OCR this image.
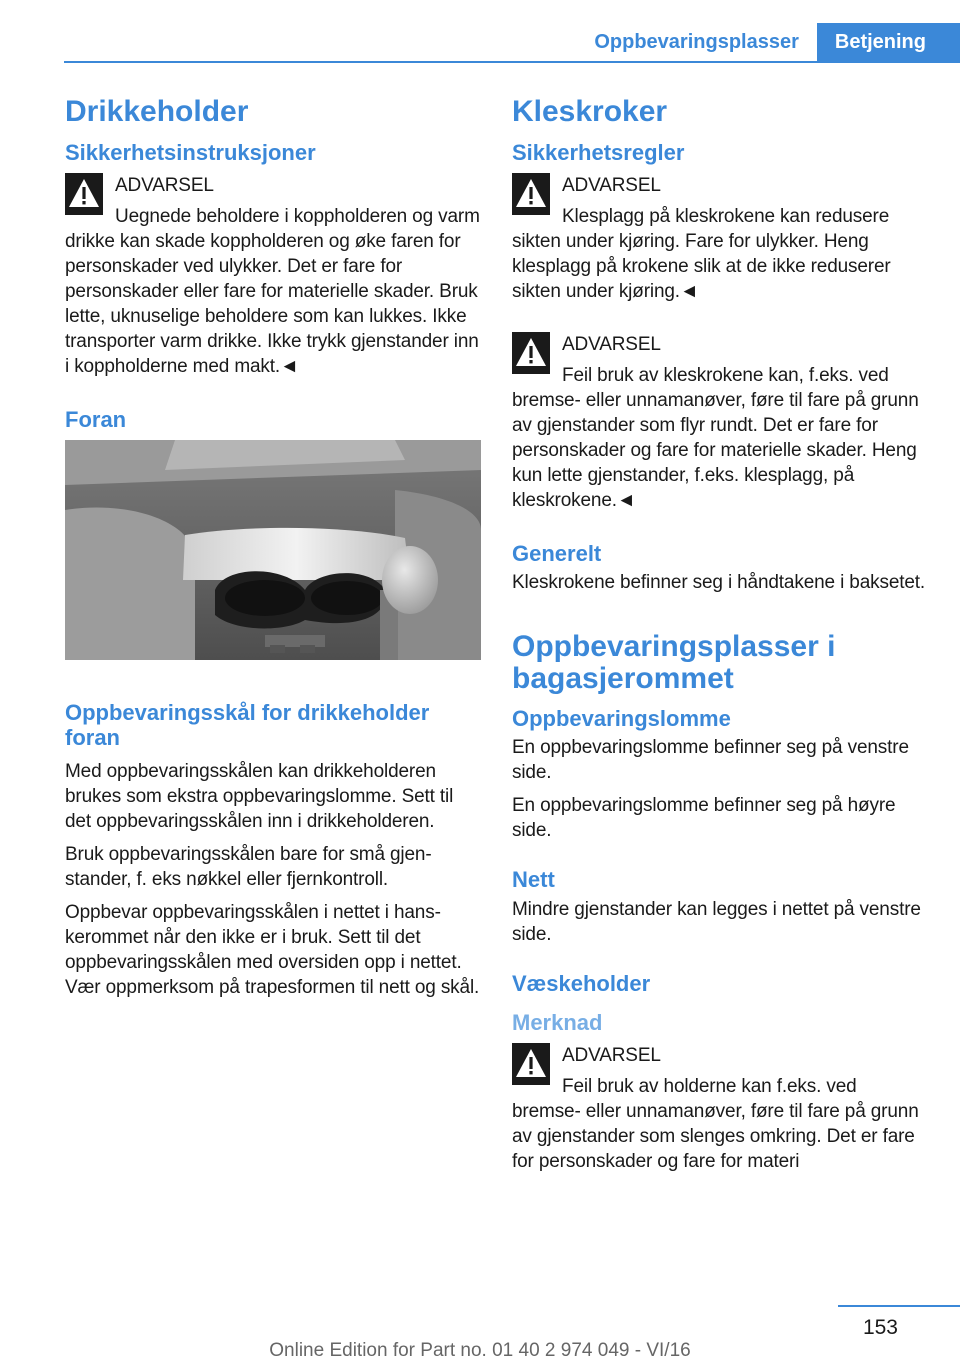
Oppbevaringsplasser	Betjening
Drikkeholder
Sikkerhetsinstruksjoner

ADVARSEL

Uegnede beholdere i koppholderen og varm drikke kan skade koppholderen og øke faren for personskader ved ulykker. Det er fare for personskader eller fare for materielle skader. Bruk lette, uknuselige beholdere som kan lukkes. Ikke transporter varm drikke. Ikke trykk gjenstander inn i koppholderne med makt.◄

Foran
Oppbevaringsskål for drikkeholder foran

Med oppbevaringsskålen kan drikkeholderen brukes som ekstra oppbevaringslomme. Sett til det oppbevaringsskålen inn i drikkeholderen.

Bruk oppbevaringsskålen bare for små gjenstander, f. eks nøkkel eller fjernkontroll.

Oppbevar oppbevaringsskålen i nettet i hanskerommet når den ikke er i bruk. Sett til det oppbevaringsskålen med oversiden opp i nettet. Vær oppmerksom på trapesformen til nett og skål.

Kleskroker
Sikkerhetsregler

ADVARSEL

Klesplagg på kleskrokene kan redusere sikten under kjøring. Fare for ulykker. Heng klesplagg på krokene slik at de ikke reduserer sikten under kjøring.◄

ADVARSEL

Feil bruk av kleskrokene kan, f.eks. ved bremse- eller unnamanøver, føre til fare på grunn av gjenstander som flyr rundt. Det er fare for personskader og fare for materielle skader. Heng kun lette gjenstander, f.eks. klesplagg, på kleskrokene.◄

Generelt

Kleskrokene befinner seg i håndtakene i baksetet.

Oppbevaringsplasser i bagasjerommet
Oppbevaringslomme

En oppbevaringslomme befinner seg på venstre side.

En oppbevaringslomme befinner seg på høyre side.

Nett

Mindre gjenstander kan legges i nettet på venstre side.

Væskeholder
Merknad

ADVARSEL

Feil bruk av holderne kan f.eks. ved bremse- eller unnamanøver, føre til fare på grunn av gjenstander som slenges omkring. Det er fare for personskader og fare for materi

153
Online Edition for Part no. 01 40 2 974 049 - VI/16
